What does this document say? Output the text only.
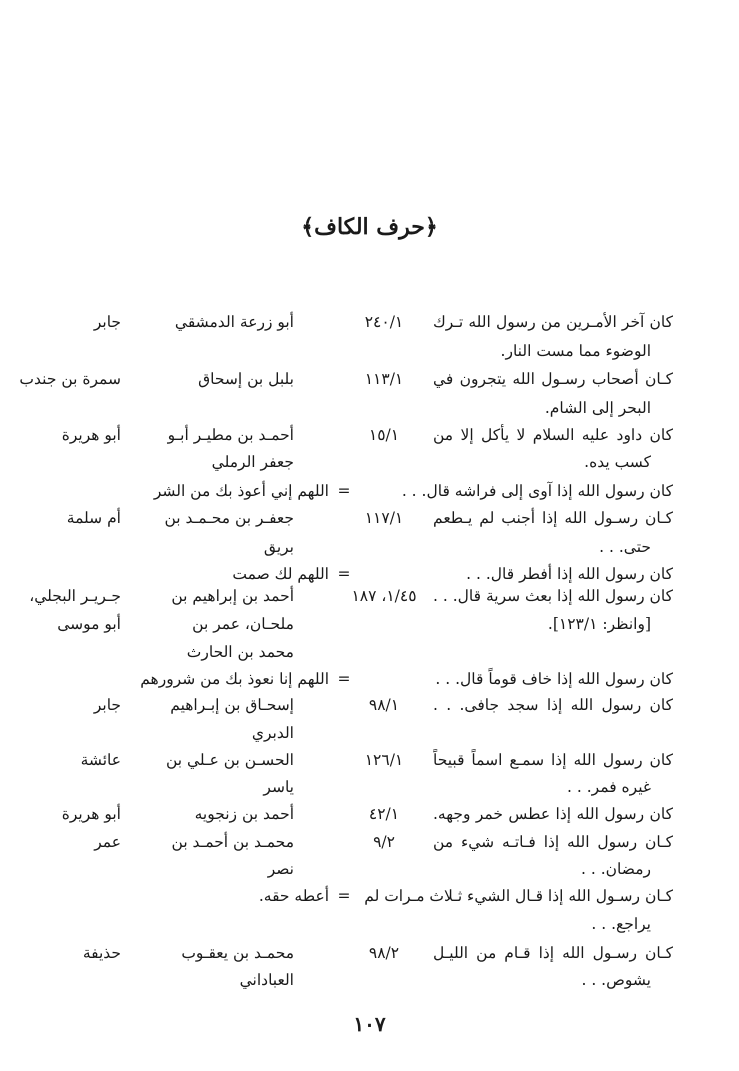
﴿حرف الكاف﴾
كان آخر الأمـرين من رسول الله تـرك
٢٤٠/١
أبو زرعة الدمشقي
جابر
الوضوء مما مست النار.
كـان أصحاب رسـول الله يتجرون في
١١٣/١
بلبل بن إسحاق
سمرة بن جندب
البحر إلى الشام.
كان داود عليه السلام لا يأكل إلا من
١٥/١
أحمـد بن مطيـر أبـو
أبو هريرة
كسب يده.
جعفر الرملي
كان رسول الله إذا آوى إلى فراشه قال. . .
=
اللهم إني أعوذ بك من الشر
كـان رسـول الله إذا أجنب لم يـطعم
١١٧/١
جعفـر بن محـمـد بن
أم سلمة
حتى. . .
بريق
كان رسول الله إذا أفطر قال. . .
=
اللهم لك صمت
كان رسول الله إذا بعث سرية قال. . .
١/٤٥، ١٨٧
أحمد بن إبراهيم بن
جـريـر البجلي،
[وانظر: ١٢٣/١].
ملحـان، عمر بن
أبو موسى
محمد بن الحارث
كان رسول الله إذا خاف قوماً قال. . .
=
اللهم إنا نعوذ بك من شرورهم
كان رسول الله إذا سجد جافى. . .
٩٨/١
إسحـاق بن إبـراهيم
جابر
الدبري
كان رسول الله إذا سمـع اسماً قبيحاً
١٢٦/١
الحسـن بن عـلي بن
عائشة
غيره فمر. . .
ياسر
كان رسول الله إذا عطس خمر وجهه.
٤٢/١
أحمد بن زنجويه
أبو هريرة
كـان رسول الله إذا فـاتـه شيء من
٩/٢
محمـد بن أحمـد بن
عمر
رمضان. . .
نصر
كـان رسـول الله إذا قـال الشيء ثـلاث مـرات لم
=
أعطه حقه.
يراجع. . .
كـان رسـول الله إذا قـام من الليـل
٩٨/٢
محمـد بن يعقـوب
حذيفة
يشوص. . .
العباداني
١٠٧
